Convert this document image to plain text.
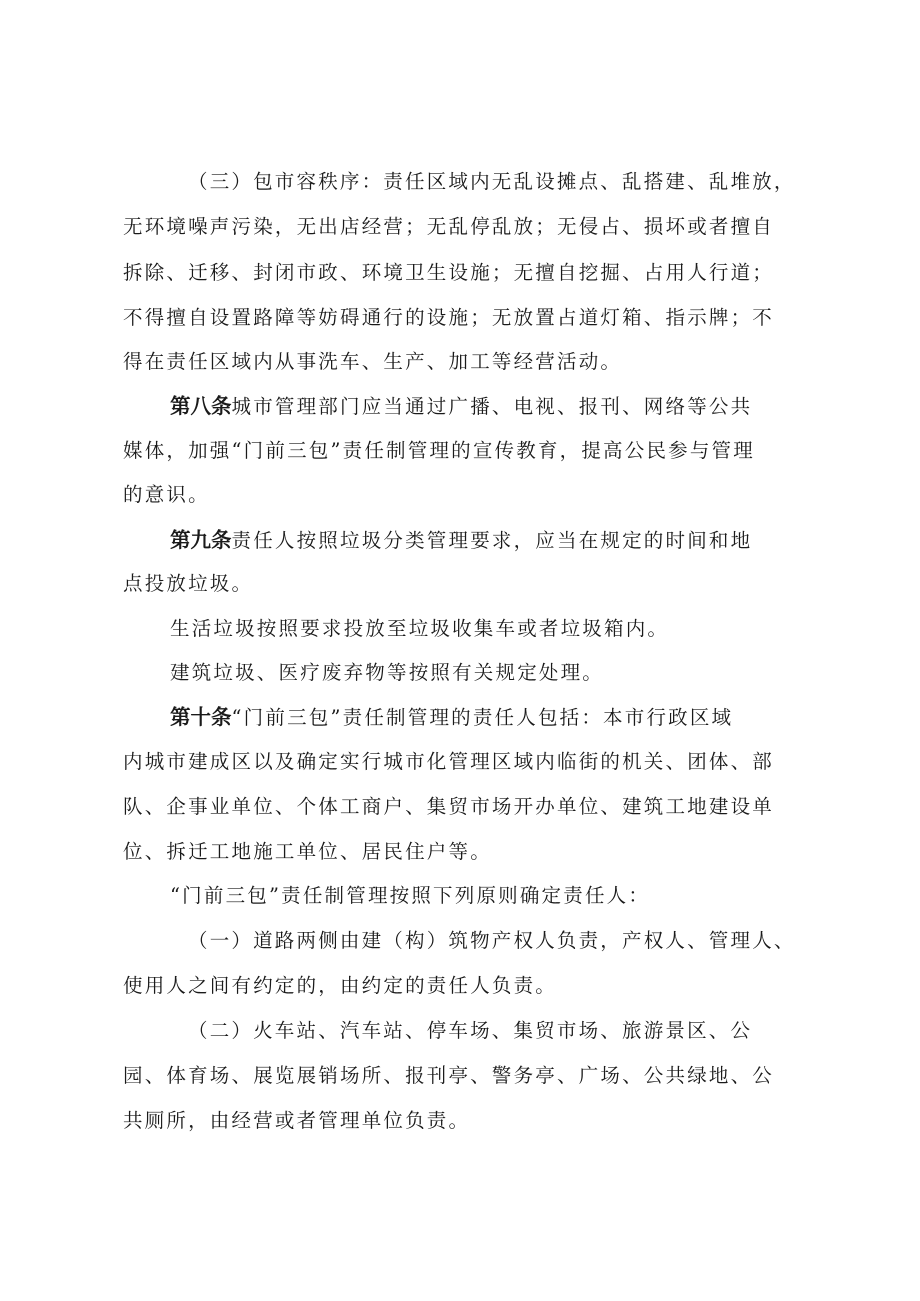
（三）包市容秩序：责任区域内无乱设摊点、乱搭建、乱堆放，
无环境噪声污染，无出店经营；无乱停乱放；无侵占、损坏或者擅自
拆除、迁移、封闭市政、环境卫生设施；无擅自挖掘、占用人行道；
不得擅自设置路障等妨碍通行的设施；无放置占道灯箱、指示牌；不
得在责任区域内从事洗车、生产、加工等经营活动。
第八条城市管理部门应当通过广播、电视、报刊、网络等公共
媒体，加强“门前三包”责任制管理的宣传教育，提高公民参与管理
的意识。
第九条责任人按照垃圾分类管理要求，应当在规定的时间和地
点投放垃圾。
生活垃圾按照要求投放至垃圾收集车或者垃圾箱内。
建筑垃圾、医疗废弃物等按照有关规定处理。
第十条“门前三包”责任制管理的责任人包括：本市行政区域
内城市建成区以及确定实行城市化管理区域内临街的机关、团体、部
队、企事业单位、个体工商户、集贸市场开办单位、建筑工地建设单
位、拆迁工地施工单位、居民住户等。
“门前三包”责任制管理按照下列原则确定责任人：
（一）道路两侧由建（构）筑物产权人负责，产权人、管理人、
使用人之间有约定的，由约定的责任人负责。
（二）火车站、汽车站、停车场、集贸市场、旅游景区、公
园、体育场、展览展销场所、报刊亭、警务亭、广场、公共绿地、公
共厕所，由经营或者管理单位负责。
